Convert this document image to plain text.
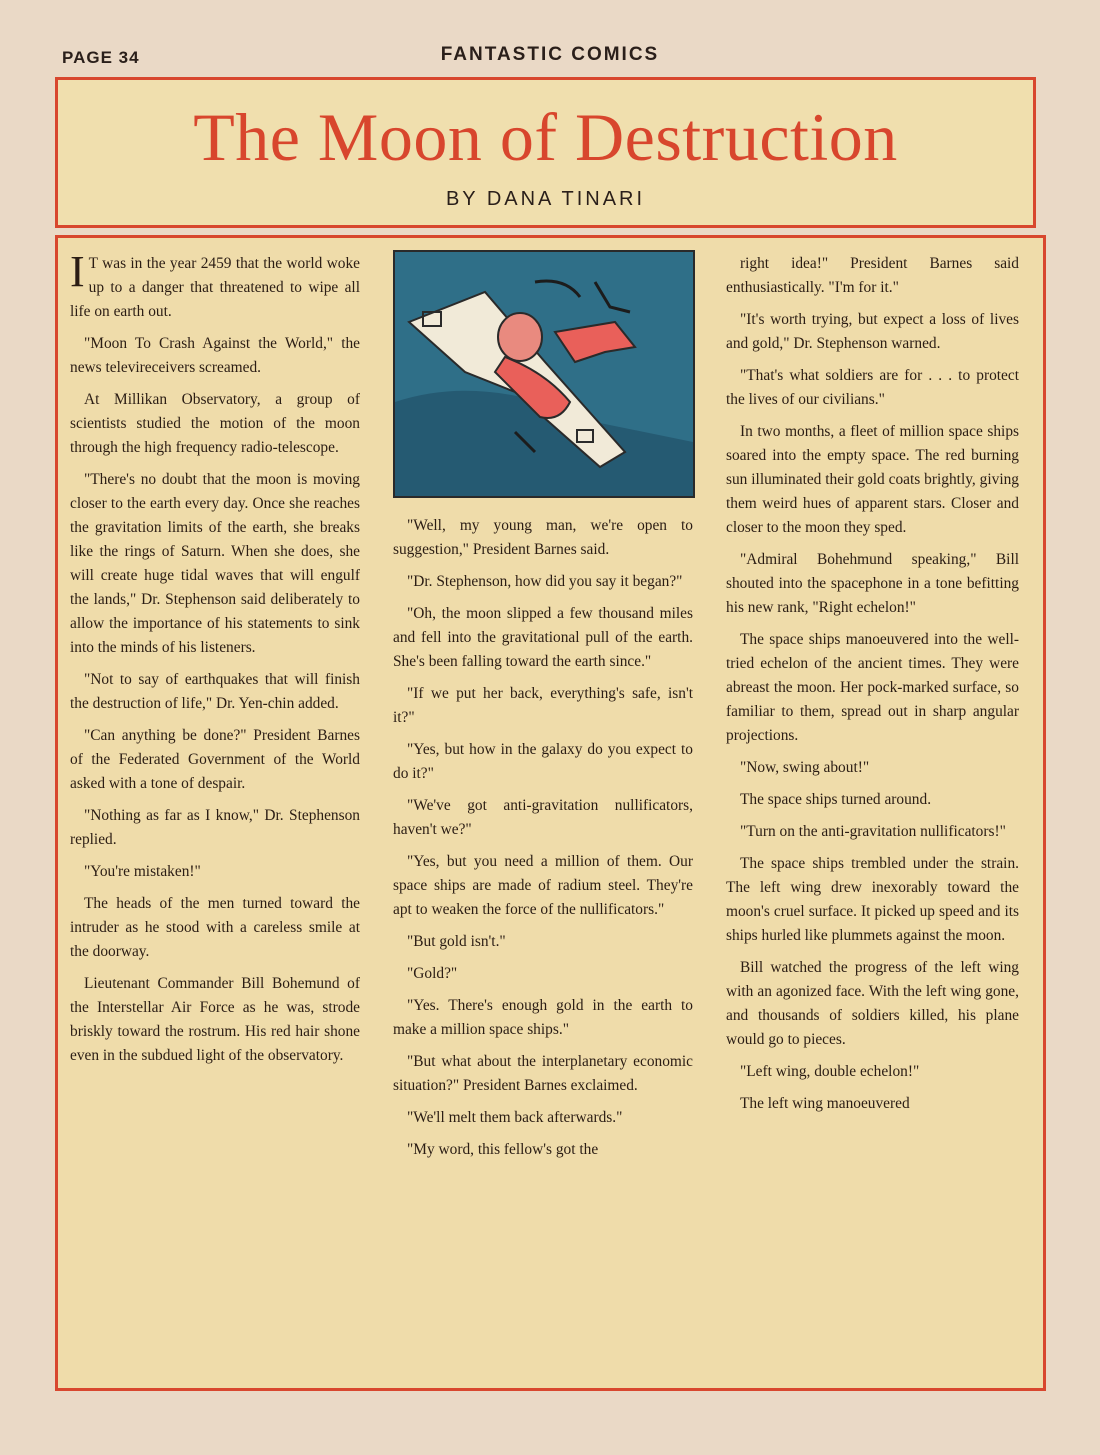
PAGE 34	FANTASTIC COMICS
The Moon of Destruction
BY DANA TINARI

I T was in the year 2459 that the world woke up to a danger that threatened to wipe all life on earth out.

"Moon To Crash Against the World," the news televireceivers screamed.

At Millikan Observatory, a group of scientists studied the motion of the moon through the high frequency radio-telescope.

"There's no doubt that the moon is moving closer to the earth every day. Once she reaches the gravitation limits of the earth, she breaks like the rings of Saturn. When she does, she will create huge tidal waves that will engulf the lands," Dr. Stephenson said deliberately to allow the importance of his statements to sink into the minds of his listeners.

"Not to say of earthquakes that will finish the destruction of life," Dr. Yen-chin added.

"Can anything be done?" President Barnes of the Federated Government of the World asked with a tone of despair.

"Nothing as far as I know," Dr. Stephenson replied.

"You're mistaken!"

The heads of the men turned toward the intruder as he stood with a careless smile at the doorway.

Lieutenant Commander Bill Bohemund of the Interstellar Air Force as he was, strode briskly toward the rostrum. His red hair shone even in the subdued light of the observatory.

"Well, my young man, we're open to suggestion," President Barnes said.

"Dr. Stephenson, how did you say it began?"

"Oh, the moon slipped a few thousand miles and fell into the gravitational pull of the earth. She's been falling toward the earth since."

"If we put her back, everything's safe, isn't it?"

"Yes, but how in the galaxy do you expect to do it?"

"We've got anti-gravitation nullificators, haven't we?"

"Yes, but you need a million of them. Our space ships are made of radium steel. They're apt to weaken the force of the nullificators."

"But gold isn't."

"Gold?"

"Yes. There's enough gold in the earth to make a million space ships."

"But what about the interplanetary economic situation?" President Barnes exclaimed.

"We'll melt them back afterwards."

"My word, this fellow's got the

right idea!" President Barnes said enthusiastically. "I'm for it."

"It's worth trying, but expect a loss of lives and gold," Dr. Stephenson warned.

"That's what soldiers are for . . . to protect the lives of our civilians."

In two months, a fleet of million space ships soared into the empty space. The red burning sun illuminated their gold coats brightly, giving them weird hues of apparent stars. Closer and closer to the moon they sped.

"Admiral Bohehmund speaking," Bill shouted into the spacephone in a tone befitting his new rank, "Right echelon!"

The space ships manoeuvered into the well-tried echelon of the ancient times. They were abreast the moon. Her pock-marked surface, so familiar to them, spread out in sharp angular projections.

"Now, swing about!"

The space ships turned around.

"Turn on the anti-gravitation nullificators!"

The space ships trembled under the strain. The left wing drew inexorably toward the moon's cruel surface. It picked up speed and its ships hurled like plummets against the moon.

Bill watched the progress of the left wing with an agonized face. With the left wing gone, and thousands of soldiers killed, his plane would go to pieces.

"Left wing, double echelon!"

The left wing manoeuvered
